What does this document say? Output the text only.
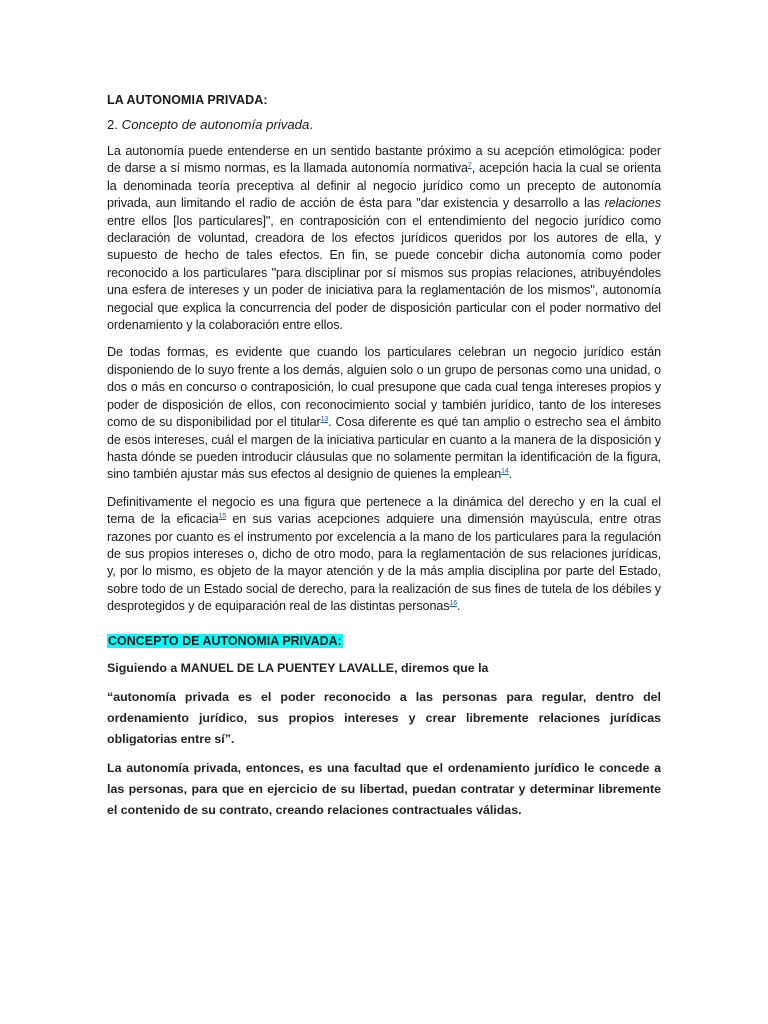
LA AUTONOMIA PRIVADA:
2. Concepto de autonomía privada.

La autonomía puede entenderse en un sentido bastante próximo a su acepción etimológica: poder de darse a sí mismo normas, es la llamada autonomía normativa$^7$, acepción hacia la cual se orienta la denominada teoría preceptiva al definir al negocio jurídico como un precepto de autonomía privada, aun limitando el radio de acción de ésta para "dar existencia y desarrollo a las relaciones entre ellos [los particulares]", en contraposición con el entendimiento del negocio jurídico como declaración de voluntad, creadora de los efectos jurídicos queridos por los autores de ella, y supuesto de hecho de tales efectos. En fin, se puede concebir dicha autonomía como poder reconocido a los particulares "para disciplinar por sí mismos sus propias relaciones, atribuyéndoles una esfera de intereses y un poder de iniciativa para la reglamentación de los mismos", autonomía negocial que explica la concurrencia del poder de disposición particular con el poder normativo del ordenamiento y la colaboración entre ellos.

De todas formas, es evidente que cuando los particulares celebran un negocio jurídico están disponiendo de lo suyo frente a los demás, alguien solo o un grupo de personas como una unidad, o dos o más en concurso o contraposición, lo cual presupone que cada cual tenga intereses propios y poder de disposición de ellos, con reconocimiento social y también jurídico, tanto de los intereses como de su disponibilidad por el titular$^{13}$. Cosa diferente es qué tan amplio o estrecho sea el ámbito de esos intereses, cuál el margen de la iniciativa particular en cuanto a la manera de la disposición y hasta dónde se pueden introducir cláusulas que no solamente permitan la identificación de la figura, sino también ajustar más sus efectos al designio de quienes la emplean$^{14}$.

Definitivamente el negocio es una figura que pertenece a la dinámica del derecho y en la cual el tema de la eficacia$^{15}$ en sus varias acepciones adquiere una dimensión mayúscula, entre otras razones por cuanto es el instrumento por excelencia a la mano de los particulares para la regulación de sus propios intereses o, dicho de otro modo, para la reglamentación de sus relaciones jurídicas, y, por lo mismo, es objeto de la mayor atención y de la más amplia disciplina por parte del Estado, sobre todo de un Estado social de derecho, para la realización de sus fines de tutela de los débiles y desprotegidos y de equiparación real de las distintas personas$^{16}$.

CONCEPTO DE AUTONOMIA PRIVADA:

Siguiendo a MANUEL DE LA PUENTEY LAVALLE, diremos que la

“autonomía privada es el poder reconocido a las personas para regular, dentro del ordenamiento jurídico, sus propios intereses y crear libremente relaciones jurídicas obligatorias entre sí”.

La autonomía privada, entonces, es una facultad que el ordenamiento jurídico le concede a las personas, para que en ejercicio de su libertad, puedan contratar y determinar libremente el contenido de su contrato, creando relaciones contractuales válidas.
